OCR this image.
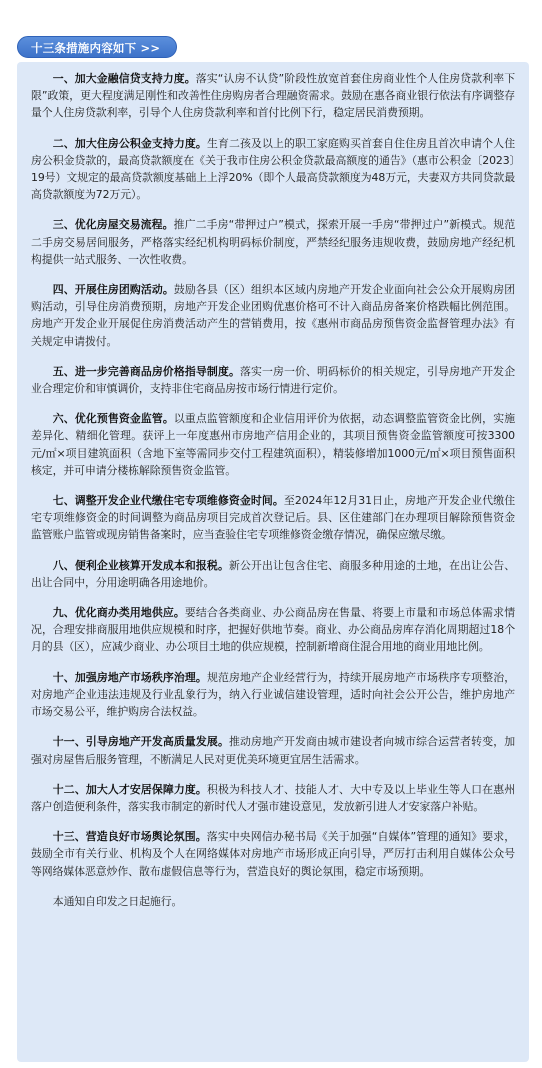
十三条措施内容如下 >>

一、加大金融信贷支持力度。落实“认房不认贷”阶段性放宽首套住房商业性个人住房贷款利率下限”政策，更大程度满足刚性和改善性住房购房者合理融资需求。鼓励在惠各商业银行依法有序调整存量个人住房贷款利率，引导个人住房贷款利率和首付比例下行，稳定居民消费预期。

二、加大住房公积金支持力度。生育二孩及以上的职工家庭购买首套自住住房且首次申请个人住房公积金贷款的，最高贷款额度在《关于我市住房公积金贷款最高额度的通告》（惠市公积金〔2023〕19号）文规定的最高贷款额度基础上上浮20%（即个人最高贷款额度为48万元，夫妻双方共同贷款最高贷款额度为72万元）。

三、优化房屋交易流程。推广二手房“带押过户”模式，探索开展一手房“带押过户”新模式。规范二手房交易居间服务，严格落实经纪机构明码标价制度，严禁经纪服务违规收费，鼓励房地产经纪机构提供一站式服务、一次性收费。

四、开展住房团购活动。鼓励各县（区）组织本区域内房地产开发企业面向社会公众开展购房团购活动，引导住房消费预期，房地产开发企业团购优惠价格可不计入商品房备案价格跌幅比例范围。房地产开发企业开展促住房消费活动产生的营销费用，按《惠州市商品房预售资金监督管理办法》有关规定申请拨付。

五、进一步完善商品房价格指导制度。落实一房一价、明码标价的相关规定，引导房地产开发企业合理定价和审慎调价，支持非住宅商品房按市场行情进行定价。

六、优化预售资金监管。以重点监管额度和企业信用评价为依据，动态调整监管资金比例，实施差异化、精细化管理。获评上一年度惠州市房地产信用企业的，其项目预售资金监管额度可按3300元/㎡×项目建筑面积（含地下室等需同步交付工程建筑面积），精装修增加1000元/㎡×项目预售面积核定，并可申请分楼栋解除预售资金监管。

七、调整开发企业代缴住宅专项维修资金时间。至2024年12月31日止，房地产开发企业代缴住宅专项维修资金的时间调整为商品房项目完成首次登记后。县、区住建部门在办理项目解除预售资金监管账户监管或现房销售备案时，应当查验住宅专项维修资金缴存情况，确保应缴尽缴。

八、便利企业核算开发成本和报税。新公开出让包含住宅、商服多种用途的土地，在出让公告、出让合同中，分用途明确各用途地价。

九、优化商办类用地供应。要结合各类商业、办公商品房在售量、将要上市量和市场总体需求情况，合理安排商服用地供应规模和时序，把握好供地节奏。商业、办公商品房库存消化周期超过18个月的县（区），应减少商业、办公项目土地的供应规模，控制新增商住混合用地的商业用地比例。

十、加强房地产市场秩序治理。规范房地产企业经营行为，持续开展房地产市场秩序专项整治，对房地产企业违法违规及行业乱象行为，纳入行业诚信建设管理，适时向社会公开公告，维护房地产市场交易公平，维护购房合法权益。

十一、引导房地产开发高质量发展。推动房地产开发商由城市建设者向城市综合运营者转变，加强对房屋售后服务管理，不断满足人民对更优美环境更宜居生活需求。

十二、加大人才安居保障力度。积极为科技人才、技能人才、大中专及以上毕业生等人口在惠州落户创造便利条件，落实我市制定的新时代人才强市建设意见，发放新引进人才安家落户补贴。

十三、营造良好市场舆论氛围。落实中央网信办秘书局《关于加强“自媒体”管理的通知》要求，鼓励全市有关行业、机构及个人在网络媒体对房地产市场形成正向引导，严厉打击利用自媒体公众号等网络媒体恶意炒作、散布虚假信息等行为，营造良好的舆论氛围，稳定市场预期。

本通知自印发之日起施行。
